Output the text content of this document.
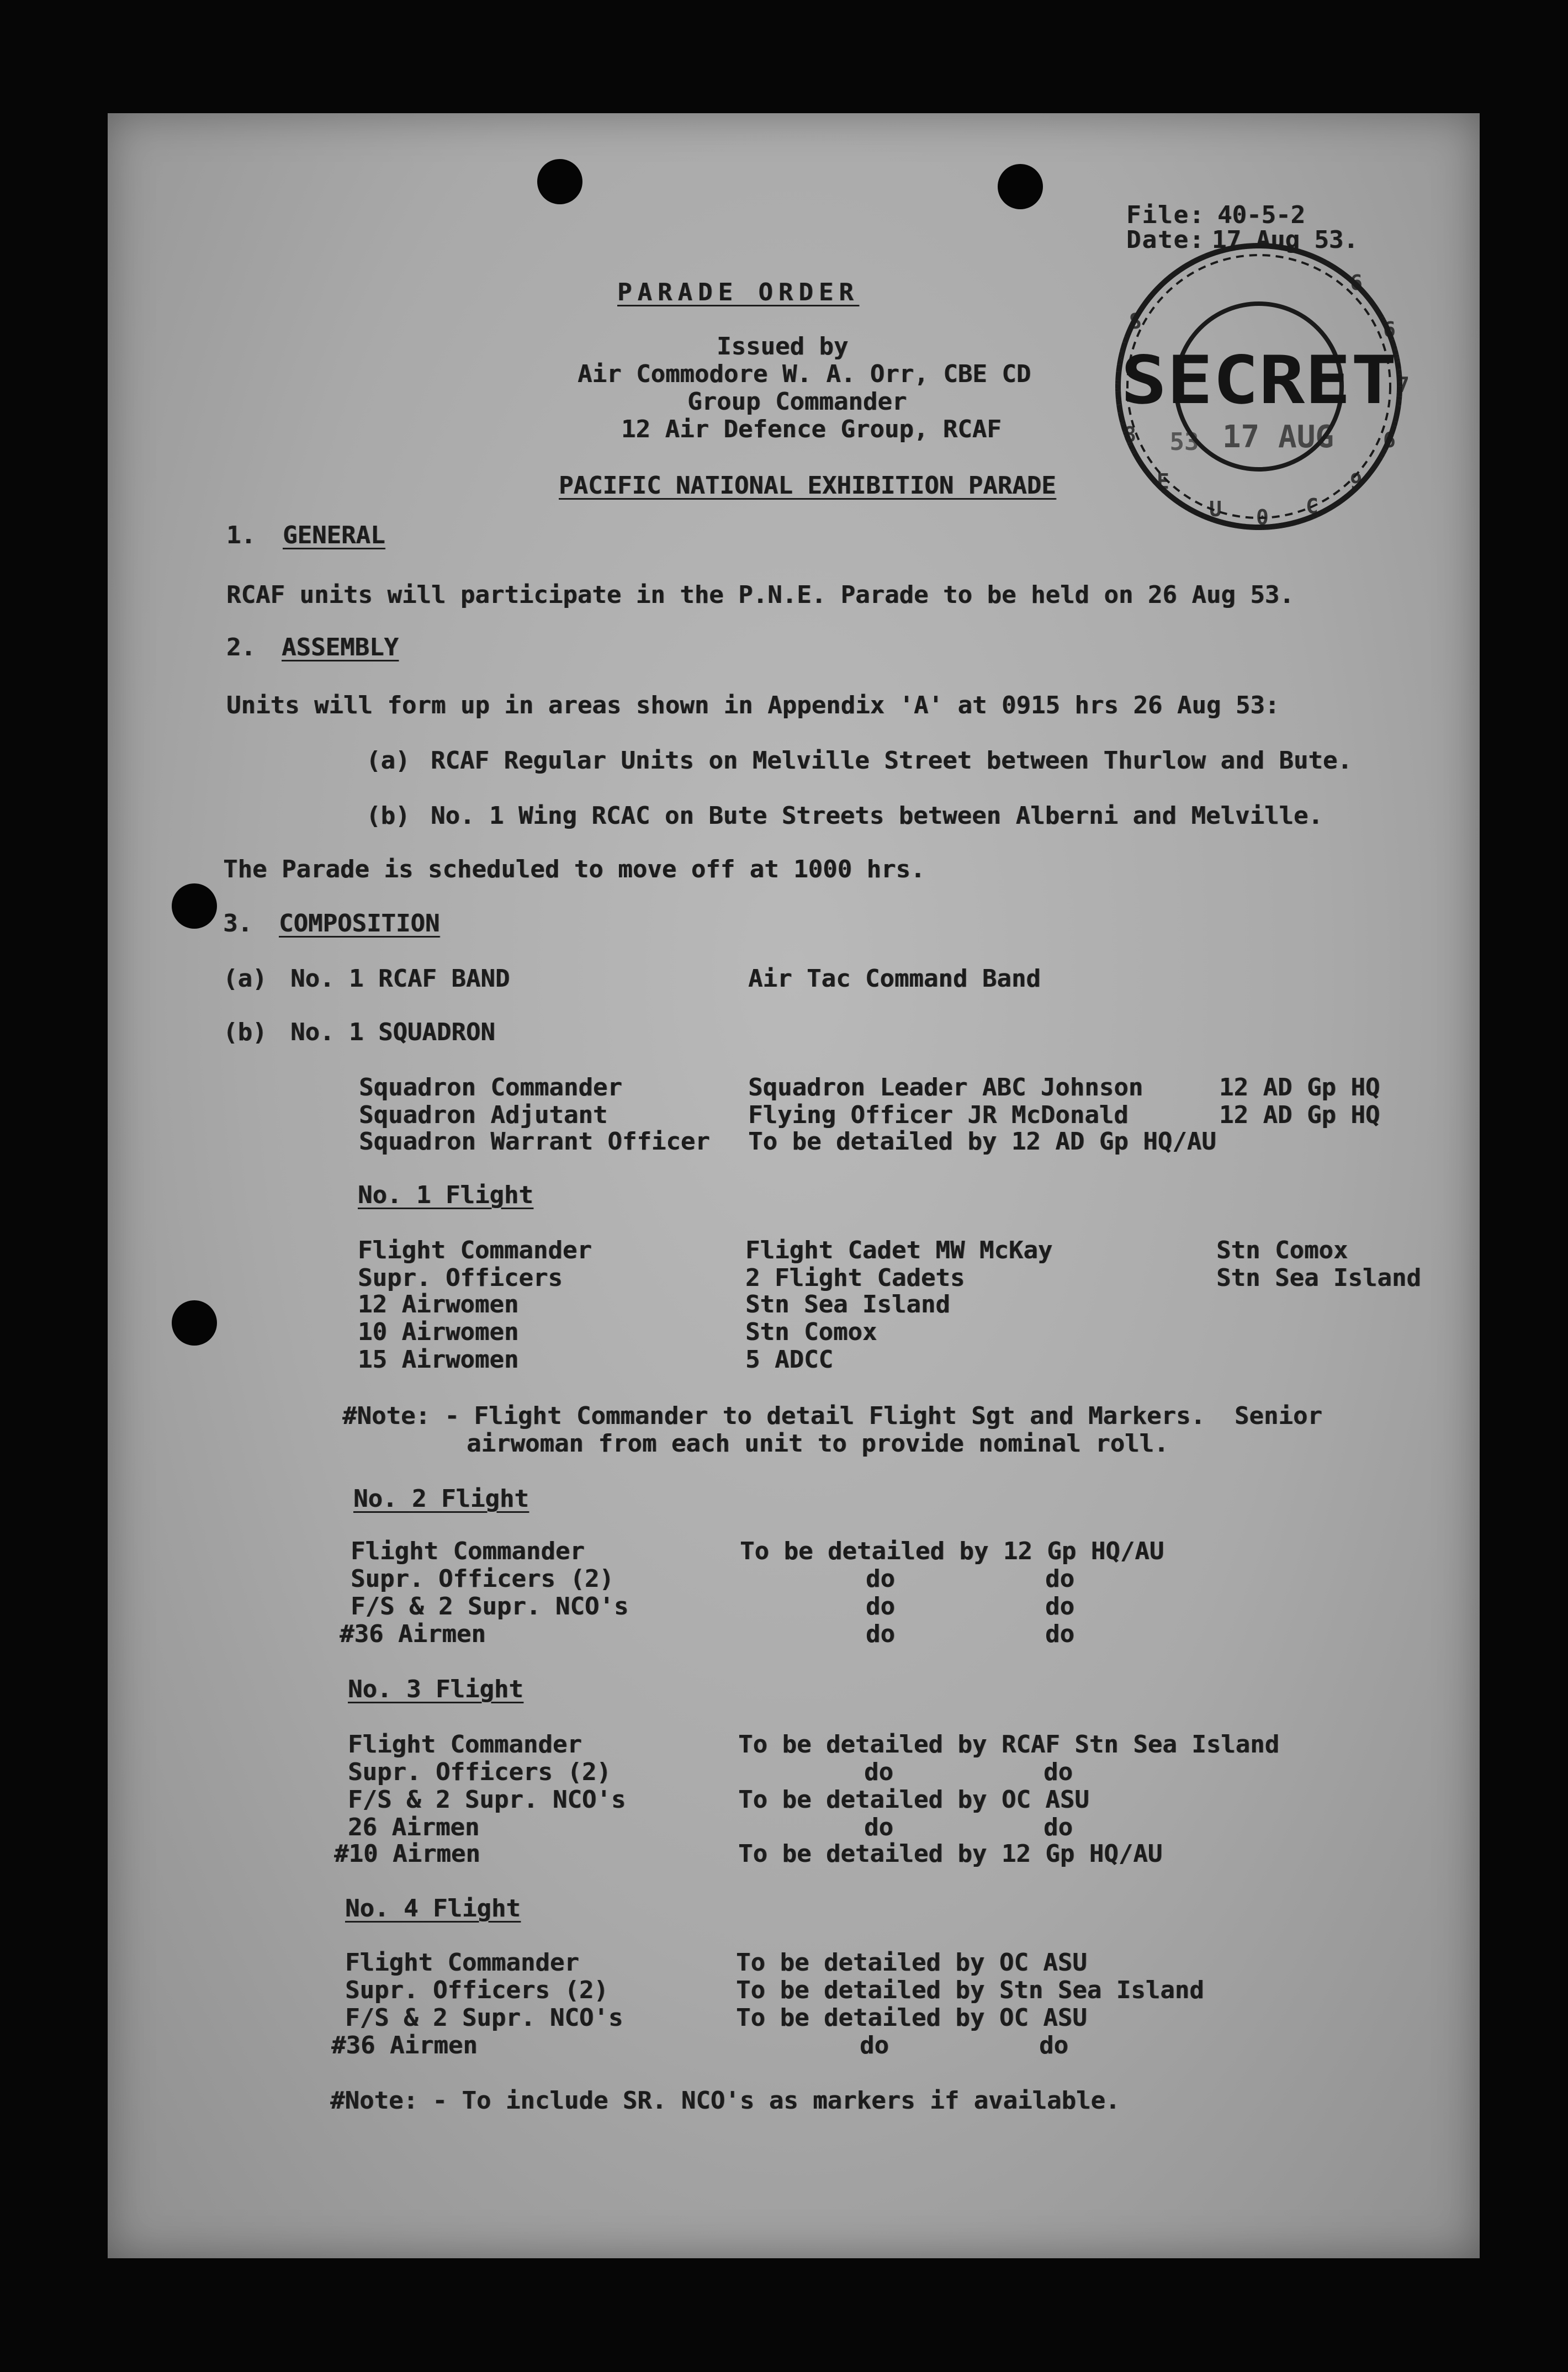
File: 40-5-2
Date: 17 Aug 53.
SECRET
17 AUG
53
S
8
E
U 0 C
9
6
7
6
6
PARADE ORDER
Issued by
Air Commodore W. A. Orr, CBE CD
Group Commander
12 Air Defence Group, RCAF
PACIFIC NATIONAL EXHIBITION PARADE
1. GENERAL
RCAF units will participate in the P.N.E. Parade to be held on 26 Aug 53.
2. ASSEMBLY
Units will form up in areas shown in Appendix 'A' at 0915 hrs 26 Aug 53:
(a) RCAF Regular Units on Melville Street between Thurlow and Bute.
(b) No. 1 Wing RCAC on Bute Streets between Alberni and Melville.
The Parade is scheduled to move off at 1000 hrs.
3. COMPOSITION
(a) No. 1 RCAF BAND	Air Tac Command Band
(b) No. 1 SQUADRON
Squadron Commander	Squadron Leader ABC Johnson	12 AD Gp HQ
Squadron Adjutant	Flying Officer JR McDonald	12 AD Gp HQ
Squadron Warrant Officer To be detailed by 12 AD Gp HQ/AU
No. 1 Flight
Flight Commander	Flight Cadet MW McKay	Stn Comox
Supr. Officers	2 Flight Cadets	Stn Sea Island
12 Airwomen	Stn Sea Island
10 Airwomen	Stn Comox
15 Airwomen	5 ADCC
#Note: - Flight Commander to detail Flight Sgt and Markers.  Senior
airwoman from each unit to provide nominal roll.
No. 2 Flight
Flight Commander	To be detailed by 12 Gp HQ/AU
Supr. Officers (2)	do	do
F/S & 2 Supr. NCO's	do	do
#36 Airmen	do	do
No. 3 Flight
Flight Commander	To be detailed by RCAF Stn Sea Island
Supr. Officers (2)	do	do
F/S & 2 Supr. NCO's	To be detailed by OC ASU
26 Airmen	do	do
#10 Airmen	To be detailed by 12 Gp HQ/AU
No. 4 Flight
Flight Commander	To be detailed by OC ASU
Supr. Officers (2)	To be detailed by Stn Sea Island
F/S & 2 Supr. NCO's	To be detailed by OC ASU
#36 Airmen	do	do
#Note: - To include SR. NCO's as markers if available.
